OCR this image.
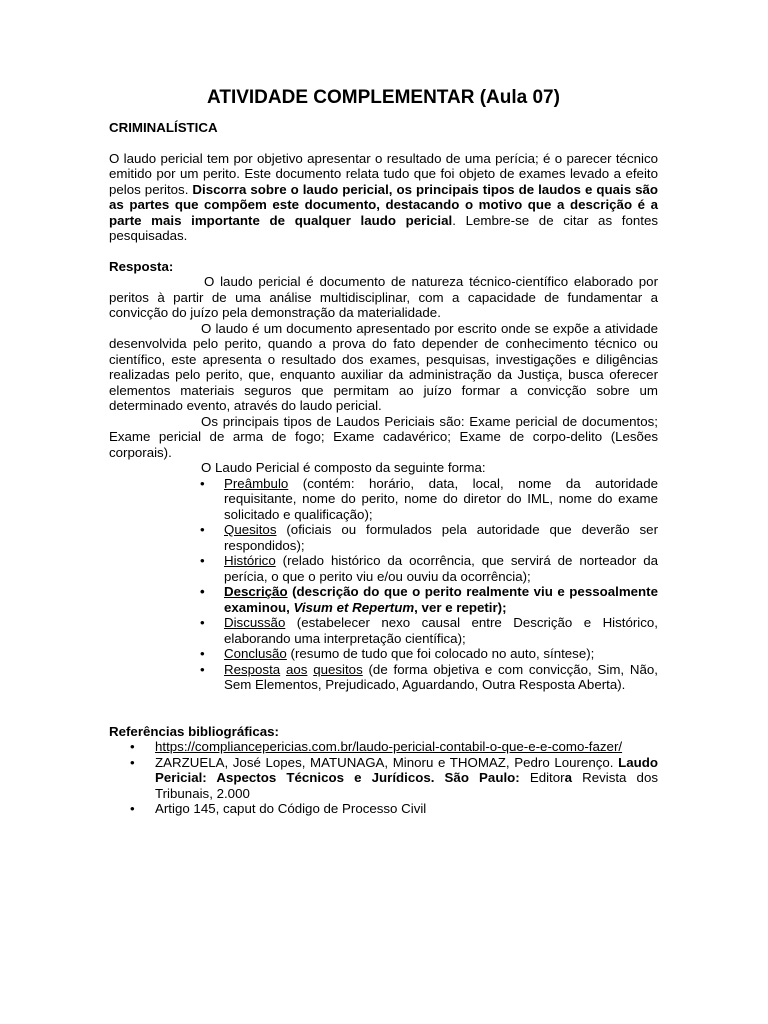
ATIVIDADE COMPLEMENTAR (Aula 07)

CRIMINALÍSTICA

O laudo pericial tem por objetivo apresentar o resultado de uma perícia; é o parecer técnico emitido por um perito. Este documento relata tudo que foi objeto de exames levado a efeito pelos peritos. Discorra sobre o laudo pericial, os principais tipos de laudos e quais são as partes que compõem este documento, destacando o motivo que a descrição é a parte mais importante de qualquer laudo pericial. Lembre-se de citar as fontes pesquisadas.

Resposta:

O laudo pericial é documento de natureza técnico-científico elaborado por peritos à partir de uma análise multidisciplinar, com a capacidade de fundamentar a convicção do juízo pela demonstração da materialidade.

O laudo é um documento apresentado por escrito onde se expõe a atividade desenvolvida pelo perito, quando a prova do fato depender de conhecimento técnico ou científico, este apresenta o resultado dos exames, pesquisas, investigações e diligências realizadas pelo perito, que, enquanto auxiliar da administração da Justiça, busca oferecer elementos materiais seguros que permitam ao juízo formar a convicção sobre um determinado evento, através do laudo pericial.

Os principais tipos de Laudos Periciais são: Exame pericial de documentos; Exame pericial de arma de fogo; Exame cadavérico; Exame de corpo-delito (Lesões corporais).

O Laudo Pericial é composto da seguinte forma:

• Preâmbulo (contém: horário, data, local, nome da autoridade requisitante, nome do perito, nome do diretor do IML, nome do exame solicitado e qualificação);
• Quesitos (oficiais ou formulados pela autoridade que deverão ser respondidos);
• Histórico (relado histórico da ocorrência, que servirá de norteador da perícia, o que o perito viu e/ou ouviu da ocorrência);
• Descrição (descrição do que o perito realmente viu e pessoalmente examinou, Visum et Repertum, ver e repetir);
• Discussão (estabelecer nexo causal entre Descrição e Histórico, elaborando uma interpretação científica);
• Conclusão (resumo de tudo que foi colocado no auto, síntese);
• Resposta aos quesitos (de forma objetiva e com convicção, Sim, Não, Sem Elementos, Prejudicado, Aguardando, Outra Resposta Aberta).

Referências bibliográficas:

• https://compliancepericias.com.br/laudo-pericial-contabil-o-que-e-e-como-fazer/
• ZARZUELA, José Lopes, MATUNAGA, Minoru e THOMAZ, Pedro Lourenço. Laudo Pericial: Aspectos Técnicos e Jurídicos. São Paulo: Editora Revista dos Tribunais, 2.000
• Artigo 145, caput do Código de Processo Civil
